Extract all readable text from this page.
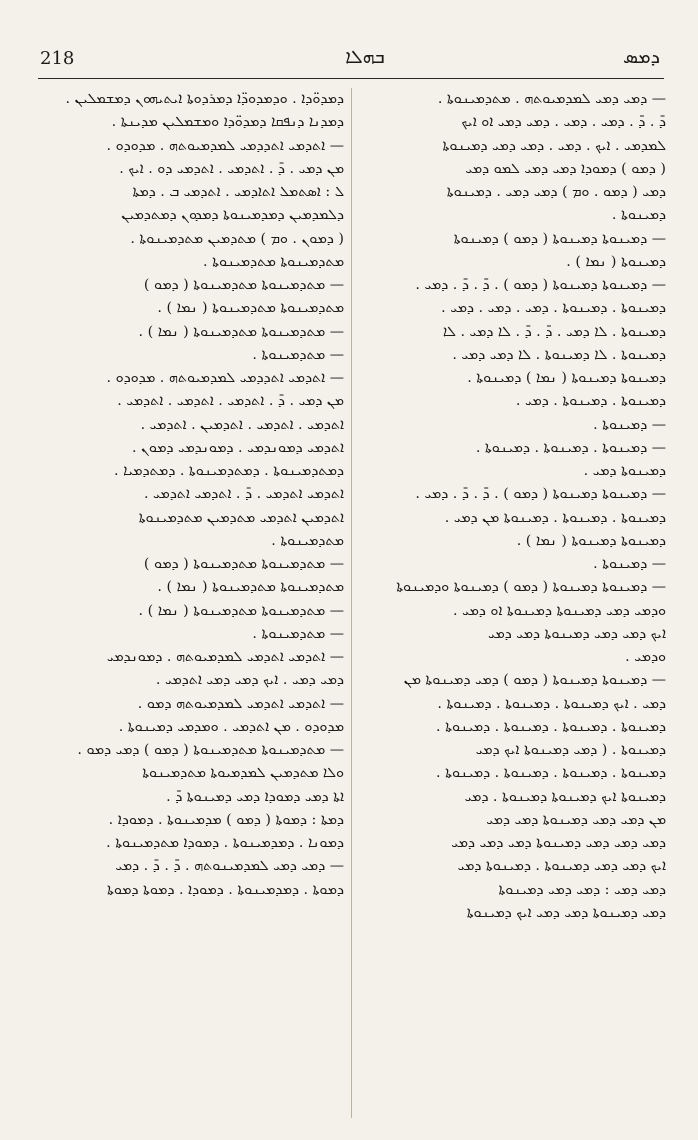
218	ܒܗܠܐ	ܕܡܣ
— ܕܡܝ ܕܡܝ ܠܡܕܡܝܘܬܗ . ܡܬܕܡܝܢܘܬܐ .
ܕ̄ . ܕ̄ . ܕܡܝ . ܕܡܝ . ܕܡܝ ܕܡܝ ܐܘ ܐܝܟ
ܠܡܕܡܝ . ܐܝܟ . ܕܡܝ . ܕܡܝ ܕܡܝ ܕܡܝܢܘܬܐ
( ܕܡܘ ) ܕܡܘܕܐ ܕܡܝ ܕܡܝ ܠܡܘ ܕܡܝ
ܕܡܝ ( ܕܡܘ . ܘܡ ) ܕܡܝ ܕܡܝ . ܕܡܝܢܘܬܐ
ܕܡܝܢܘܬܐ .
— ܕܡܝܢܘܬܐ ܕܡܝܢܘܬܐ ( ܕܡܘ ) ܕܡܝܢܘܬܐ
ܕܡܝܢܘܬܐ ( ܢܡܐ ) .
— ܕܡܝܢܘܬܐ ܕܡܝܢܘܬܐ ( ܕܡܘ ) . ܕ̄ . ܕ̄ . ܕܡܝ .
ܕܡܝܢܘܬܐ . ܕܡܝܢܘܬܐ . ܕܡܝ . ܕܡܝ . ܕܡܝ .
ܕܡܝܢܘܬܐ . ܠܐ ܕܡܝ . ܕ̄ . ܕ̄ . ܠܐ ܕܡܝ . ܠܐ
ܕܡܝܢܘܬܐ . ܠܐ ܕܡܝܢܘܬܐ . ܠܐ ܕܡܝ ܕܡܝ .
ܕܡܝܢܘܬܐ ܕܡܝܢܘܬܐ ( ܢܡܐ ) ܕܡܝܢܘܬܐ .
ܕܡܝܢܘܬܐ . ܕܡܝܢܘܬܐ . ܕܡܝ .
— ܕܡܝܢܘܬܐ .
— ܕܡܝܢܘܬܐ . ܕܡܝܢܘܬܐ . ܕܡܝܢܘܬܐ .
ܕܡܝܢܘܬܐ ܕܡܝ .
— ܕܡܝܢܘܬܐ ܕܡܝܢܘܬܐ ( ܕܡܘ ) . ܕ̄ . ܕ̄ . ܕܡܝ .
ܕܡܝܢܘܬܐ . ܕܡܝܢܘܬܐ . ܕܡܝܢܘܬܐ ܡܢ ܕܡܝ .
ܕܡܝܢܘܬܐ ܕܡܝܢܘܬܐ ( ܢܡܐ ) .
— ܕܡܝܢܘܬܐ .
— ܕܡܝܢܘܬܐ ܕܡܝܢܘܬܐ ( ܕܡܘ ) ܕܡܝܢܘܬܐ ܘܕܡܝܢܘܬܐ
ܘܕܡܝ ܕܡܝ ܕܡܝܢܘܬܐ ܕܡܝܢܘܬܐ ܐܘ ܕܡܝ .
ܐܝܟ ܕܡܝ ܕܡܝ ܕܡܝܢܘܬܐ ܕܡܝ ܕܡܝ
ܘܕܡܝ .
— ܕܡܝܢܘܬܐ ܕܡܝܢܘܬܐ ( ܕܡܘ ) ܕܡܝ ܕܡܝܢܘܬܐ ܡܢ
ܕܡܝ . ܐܝܟ ܕܡܝܢܘܬܐ . ܕܡܝܢܘܬܐ . ܕܡܝܢܘܬܐ .
ܕܡܝܢܘܬܐ . ܕܡܝܢܘܬܐ . ܕܡܝܢܘܬܐ . ܕܡܝܢܘܬܐ .
ܕܡܝܢܘܬܐ . ( ܕܡܝ ܕܡܝܢܘܬܐ ܐܝܟ ܕܡܝ
ܕܡܝܢܘܬܐ . ܕܡܝܢܘܬܐ . ܕܡܝܢܘܬܐ . ܕܡܝܢܘܬܐ .
ܕܡܝܢܘܬܐ ܐܝܟ ܕܡܝܢܘܬܐ ܕܡܝܢܘܬܐ . ܕܡܝ
ܡܢ ܕܡܝ ܕܡܝ ܕܡܝܢܘܬܐ ܕܡܝ ܕܡܝ
ܕܡܝ ܕܡܝ ܕܡܝ ܕܡܝܢܘܬܐ ܕܡܝ ܕܡܝ ܕܡܝ
ܐܝܟ ܕܡܝ ܕܡܝ ܕܡܝܢܘܬܐ . ܕܡܝܢܘܬܐ ܕܡܝ
ܕܡܝ ܕܡܝ : ܕܡܝ ܕܡܝ ܕܡܝܢܘܬܐ
ܕܡܝ ܕܡܝܢܘܬܐ ܕܡܝ ܕܡܝ ܐܝܟ ܕܡܝܢܘܬܐ
ܕܡܕܘ̈ܕܐ . ܘܕܡܕܘܕ̈ܐ ܕܡܪܕܘܬܐ ܐܝܬܝܗܘܢ ܕܡܫܡܠܝܢ .
ܕܡܕܢܐ ܕܢܦܩܐ ܕܡܕܘ̈ܕܐ ܘܡܫܡܠܝܢ ܡܕܝܢܬܐ .
— ܐܬܕܡܝ ܐܬܕܕܡܝ ܠܡܕܡܝܘܬܗ . ܡܕܘܕܘ .
ܡܢ ܕܡܝ . ܕ̄ . ܐܬܕܡܝ . ܐܬܕܡܝ ܕܘ . ܐܝܟ .
ܠ : ܐܣܬܡܠ ܐܬܐܕܡܝ . ܐܬܕܡܝ ܒ . ܕܡܬܐ
ܕܠܡܕܡܝܢ ܕܡܕܡܝܢܘܬܐ ܕܡܕܘܢ ܕܡܬܕܡܝܢ
( ܕܡܘܢ . ܘܡ ) ܡܬܕܡܝܢ ܡܬܕܡܝܢܘܬܐ .
ܡܬܕܡܝܢܘܬܐ ܡܬܕܡܝܢܘܬܐ .
— ܡܬܕܡܝܢܘܬܐ ܡܬܕܡܝܢܘܬܐ ( ܕܡܘ )
ܡܬܕܡܝܢܘܬܐ ܡܬܕܡܝܢܘܬܐ ( ܢܡܐ ) .
— ܡܬܕܡܝܢܘܬܐ ܡܬܕܡܝܢܘܬܐ ( ܢܡܐ ) .
— ܡܬܕܡܝܢܘܬܐ .
— ܐܬܕܡܝ ܐܬܕܕܡܝ ܠܡܕܡܝܘܬܗ . ܡܕܘܕܘ .
ܡܢ ܕܡܝ . ܕ̄ . ܐܬܕܡܝ . ܐܬܕܡܝ . ܐܬܕܡܝ .
ܐܬܕܡܝ . ܐܬܕܡܝ . ܐܬܕܡܝܢ . ܐܬܕܡܝ .
ܐܬܕܡܝ ܕܡܘܢܕܡܝ . ܕܡܘܢܕܡܝ ܕܡܘܢ .
ܕܡܬܕܡܝܢܘܬܐ . ܕܡܬܕܡܝܢܘܬܐ . ܕܡܬܕܡܝܐ .
ܐܬܕܡܝ ܐܬܕܡܝ . ܕ̄ . ܐܬܕܡܝ ܐܬܕܡܝ .
ܐܬܕܡܝܢ ܐܬܕܡܝ ܡܬܕܡܝܢ ܡܬܕܡܝܢܘܬܐ
ܡܬܕܡܝܢܘܬܐ .
— ܡܬܕܡܝܢܘܬܐ ܡܬܕܡܝܢܘܬܐ ( ܕܡܘ )
ܡܬܕܡܝܢܘܬܐ ܡܬܕܡܝܢܘܬܐ ( ܢܡܐ ) .
— ܡܬܕܡܝܢܘܬܐ ܡܬܕܡܝܢܘܬܐ ( ܢܡܐ ) .
— ܡܬܕܡܝܢܘܬܐ .
— ܐܬܕܡܝ ܐܬܕܡܝ ܠܡܕܡܝܘܬܗ . ܕܡܘܢܕܡܝ
ܕܡܝ ܕܡܝ . ܐܝܟ ܕܡܝ ܕܡܝ ܐܬܕܡܝ .
— ܐܬܕܡܝ ܐܬܕܡܝ ܠܡܕܡܝܘܬܗ ܕܡܘ .
ܡܕܘܕܘ . ܡܢ ܐܬܕܡܝ . ܘܡܕܡܝ ܕܡܝܢܘܬܐ .
— ܡܬܕܡܝܢܘܬܐ ܡܬܕܡܝܢܘܬܐ ( ܕܡܘ ) ܕܡܝ ܕܡܘ .
ܘܠܐ ܡܬܕܡܝܢ ܠܡܕܡܝܘܬܐ ܡܬܕܡܝܢܘܬܐ
ܐܬܐ ܕܡܝ ܕܡܘܕܐ ܕܡܝ ܕܡܝܢܘܬܐ ܕ̄ .
ܕܡܬܐ : ܕܡܘܬܐ ( ܕܡܘ ) ܡܕܡܝܢܘܬܐ . ܕܡܘܕܐ .
ܕܡܘܢܐ . ܕܡܕܡܝܢܘܬܐ . ܕܡܘܕܐ ܡܬܕܡܝܢܘܬܐ .
— ܕܡܝ ܕܡܝ ܠܡܕܡܝܢܘܬܗ . ܕ̄ . ܕ̄ . ܕܡܝ
ܕܡܘܬܐ . ܕܡܕܡܝܢܘܬܐ . ܕܡܘܕܐ . ܕܡܘܬܐ ܕܡܘܬܐ
